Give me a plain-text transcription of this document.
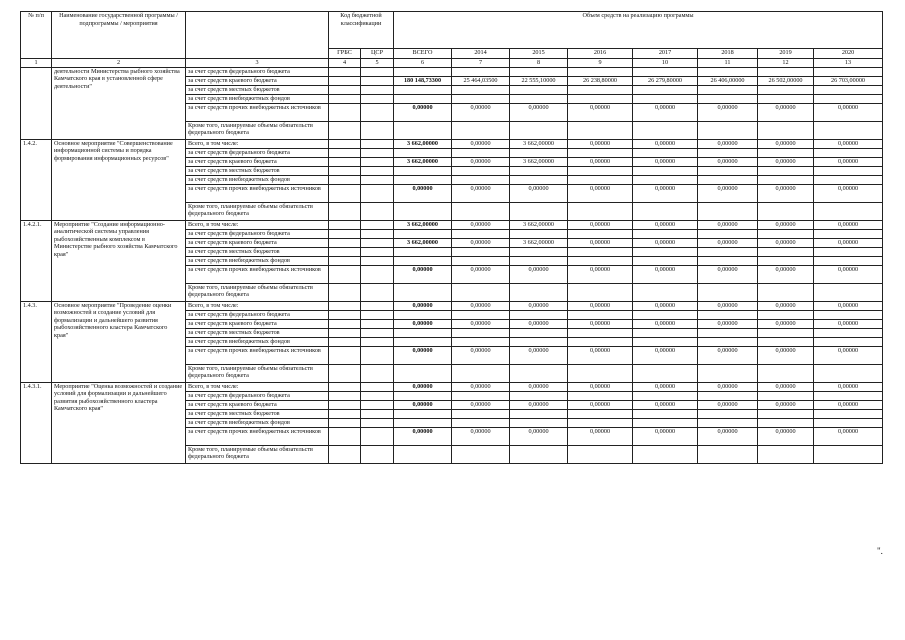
№ п/п	Наименование государственной программы / подпрограммы / мероприятия		Код бюджетной классификации		Объем средств на реализацию программы							
			ГРБС	ЦСР	ВСЕГО	2014	2015	2016	2017	2018	2019	2020
1	2	3	4	5	6	7	8	9	10	11	12	13
	деятельности Министерства рыбного хозяйства Камчатского края в установленной сфере деятельности"	за счет средств федерального бюджета										
		за счет средств краевого бюджета			180 148,73300	25 464,03500	22 555,10000	26 238,80000	26 279,80000	26 406,00000	26 502,00000	26 703,00000
		за счет средств местных бюджетов										
		за счет средств внебюджетных фондов										
		за счет средств прочих внебюджетных источников			0,00000	0,00000	0,00000	0,00000	0,00000	0,00000	0,00000	0,00000
		Кроме того, планируемые объемы обязательств федерального бюджета										
1.4.2.	Основное мероприятие "Совершенствование информационной системы и порядка формирования информационных ресурсов"	Всего, в том числе:			3 662,00000	0,00000	3 662,00000	0,00000	0,00000	0,00000	0,00000	0,00000
		за счет средств федерального бюджета										
		за счет средств краевого бюджета			3 662,00000	0,00000	3 662,00000	0,00000	0,00000	0,00000	0,00000	0,00000
		за счет средств местных бюджетов										
		за счет средств внебюджетных фондов										
		за счет средств прочих внебюджетных источников			0,00000	0,00000	0,00000	0,00000	0,00000	0,00000	0,00000	0,00000
		Кроме того, планируемые объемы обязательств федерального бюджета										
1.4.2.1.	Мероприятие "Создание информационно-аналитической системы управления рыбохозяйственным комплексом в Министерстве рыбного хозяйства Камчатского края"	Всего, в том числе:			3 662,00000	0,00000	3 662,00000	0,00000	0,00000	0,00000	0,00000	0,00000
		за счет средств федерального бюджета										
		за счет средств краевого бюджета			3 662,00000	0,00000	3 662,00000	0,00000	0,00000	0,00000	0,00000	0,00000
		за счет средств местных бюджетов										
		за счет средств внебюджетных фондов										
		за счет средств прочих внебюджетных источников			0,00000	0,00000	0,00000	0,00000	0,00000	0,00000	0,00000	0,00000
		Кроме того, планируемые объемы обязательств федерального бюджета										
1.4.3.	Основное мероприятие "Проведение оценки возможностей и создание условий для формализации и дальнейшего развития рыбохозяйственного кластера Камчатского края"	Всего, в том числе:			0,00000	0,00000	0,00000	0,00000	0,00000	0,00000	0,00000	0,00000
		за счет средств федерального бюджета										
		за счет средств краевого бюджета			0,00000	0,00000	0,00000	0,00000	0,00000	0,00000	0,00000	0,00000
		за счет средств местных бюджетов										
		за счет средств внебюджетных фондов										
		за счет средств прочих внебюджетных источников			0,00000	0,00000	0,00000	0,00000	0,00000	0,00000	0,00000	0,00000
		Кроме того, планируемые объемы обязательств федерального бюджета										
1.4.3.1.	Мероприятие "Оценка возможностей и создание условий для формализации и дальнейшего развития рыбохозяйственного кластера Камчатского края"	Всего, в том числе:			0,00000	0,00000	0,00000	0,00000	0,00000	0,00000	0,00000	0,00000
		за счет средств федерального бюджета										
		за счет средств краевого бюджета			0,00000	0,00000	0,00000	0,00000	0,00000	0,00000	0,00000	0,00000
		за счет средств местных бюджетов										
		за счет средств внебюджетных фондов										
		за счет средств прочих внебюджетных источников			0,00000	0,00000	0,00000	0,00000	0,00000	0,00000	0,00000	0,00000
		Кроме того, планируемые объемы обязательств федерального бюджета										
".
